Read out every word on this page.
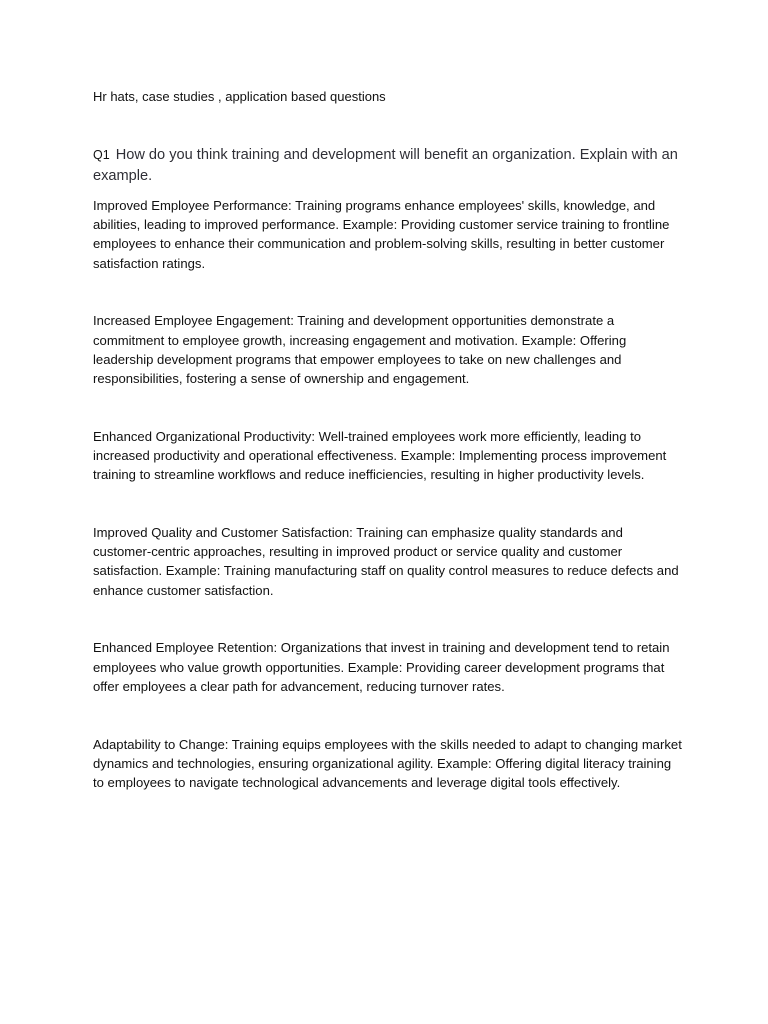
Hr hats, case studies , application based questions

Q1 How do you think training and development will benefit an organization. Explain with an example.
Improved Employee Performance: Training programs enhance employees' skills, knowledge, and abilities, leading to improved performance. Example: Providing customer service training to frontline employees to enhance their communication and problem-solving skills, resulting in better customer satisfaction ratings.
Increased Employee Engagement: Training and development opportunities demonstrate a commitment to employee growth, increasing engagement and motivation. Example: Offering leadership development programs that empower employees to take on new challenges and responsibilities, fostering a sense of ownership and engagement.
Enhanced Organizational Productivity: Well-trained employees work more efficiently, leading to increased productivity and operational effectiveness. Example: Implementing process improvement training to streamline workflows and reduce inefficiencies, resulting in higher productivity levels.
Improved Quality and Customer Satisfaction: Training can emphasize quality standards and customer-centric approaches, resulting in improved product or service quality and customer satisfaction. Example: Training manufacturing staff on quality control measures to reduce defects and enhance customer satisfaction.
Enhanced Employee Retention: Organizations that invest in training and development tend to retain employees who value growth opportunities. Example: Providing career development programs that offer employees a clear path for advancement, reducing turnover rates.
Adaptability to Change: Training equips employees with the skills needed to adapt to changing market dynamics and technologies, ensuring organizational agility. Example: Offering digital literacy training to employees to navigate technological advancements and leverage digital tools effectively.
